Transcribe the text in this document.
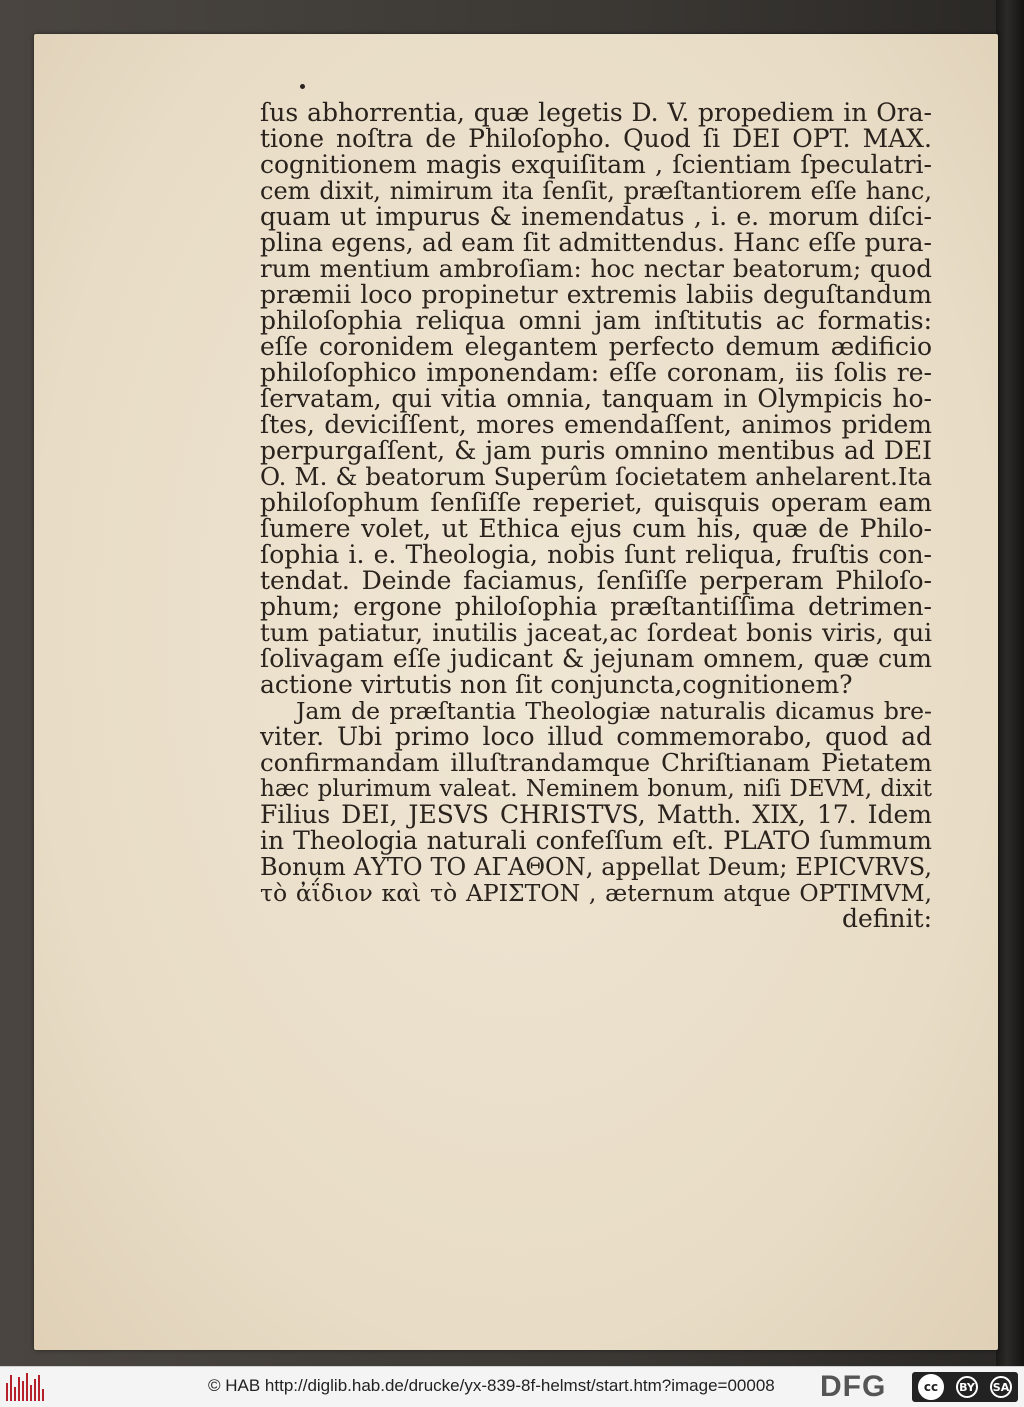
ſus abhorrentia, quæ legetis D. V. propediem in Ora-
tione noſtra de Philoſopho. Quod ſi DEI OPT. MAX.
cognitionem magis exquiſitam , ſcientiam ſpeculatri-
cem dixit, nimirum ita ſenſit, præſtantiorem eſſe hanc,
quam ut impurus & inemendatus , i. e. morum diſci-
plina egens, ad eam ſit admittendus. Hanc eſſe pura-
rum mentium ambroſiam: hoc nectar beatorum; quod
præmii loco propinetur extremis labiis deguſtandum
philoſophia reliqua omni jam inſtitutis ac formatis:
eſſe coronidem elegantem perfecto demum ædificio
philoſophico imponendam: eſſe coronam, iis ſolis re-
ſervatam, qui vitia omnia, tanquam in Olympicis ho-
ſtes, deviciſſent, mores emendaſſent, animos pridem
perpurgaſſent, & jam puris omnino mentibus ad DEI
O. M. & beatorum Superûm ſocietatem anhelarent.Ita
philoſophum ſenſiſſe reperiet, quisquis operam eam
ſumere volet, ut Ethica ejus cum his, quæ de Philo-
ſophia i. e. Theologia, nobis ſunt reliqua, fruſtis con-
tendat. Deinde faciamus, ſenſiſſe perperam Philoſo-
phum; ergone philoſophia præſtantiſſima detrimen-
tum patiatur, inutilis jaceat,ac ſordeat bonis viris, qui
ſolivagam eſſe judicant & jejunam omnem, quæ cum
actione virtutis non ſit conjuncta,cognitionem?
Jam de præſtantia Theologiæ naturalis dicamus bre-
viter. Ubi primo loco illud commemorabo, quod ad
confirmandam illuſtrandamque Chriſtianam Pietatem
hæc plurimum valeat. Neminem bonum, niſi DEVM, dixit
Filius DEI, JESVS CHRISTVS, Matth. XIX, 17. Idem
in Theologia naturali confeſſum eſt. PLATO ſummum
Bonum ΑΥΤΟ ΤΟ ΑΓΑΘΟΝ, appellat Deum; EPICVRVS,
τὸ ἀΐδιον καὶ τὸ ΑΡΙΣΤΟΝ , æternum atque OPTIMVM,
definit:
© HAB http://diglib.hab.de/drucke/yx-839-8f-helmst/start.htm?image=00008	DFG	cc	BY SA
